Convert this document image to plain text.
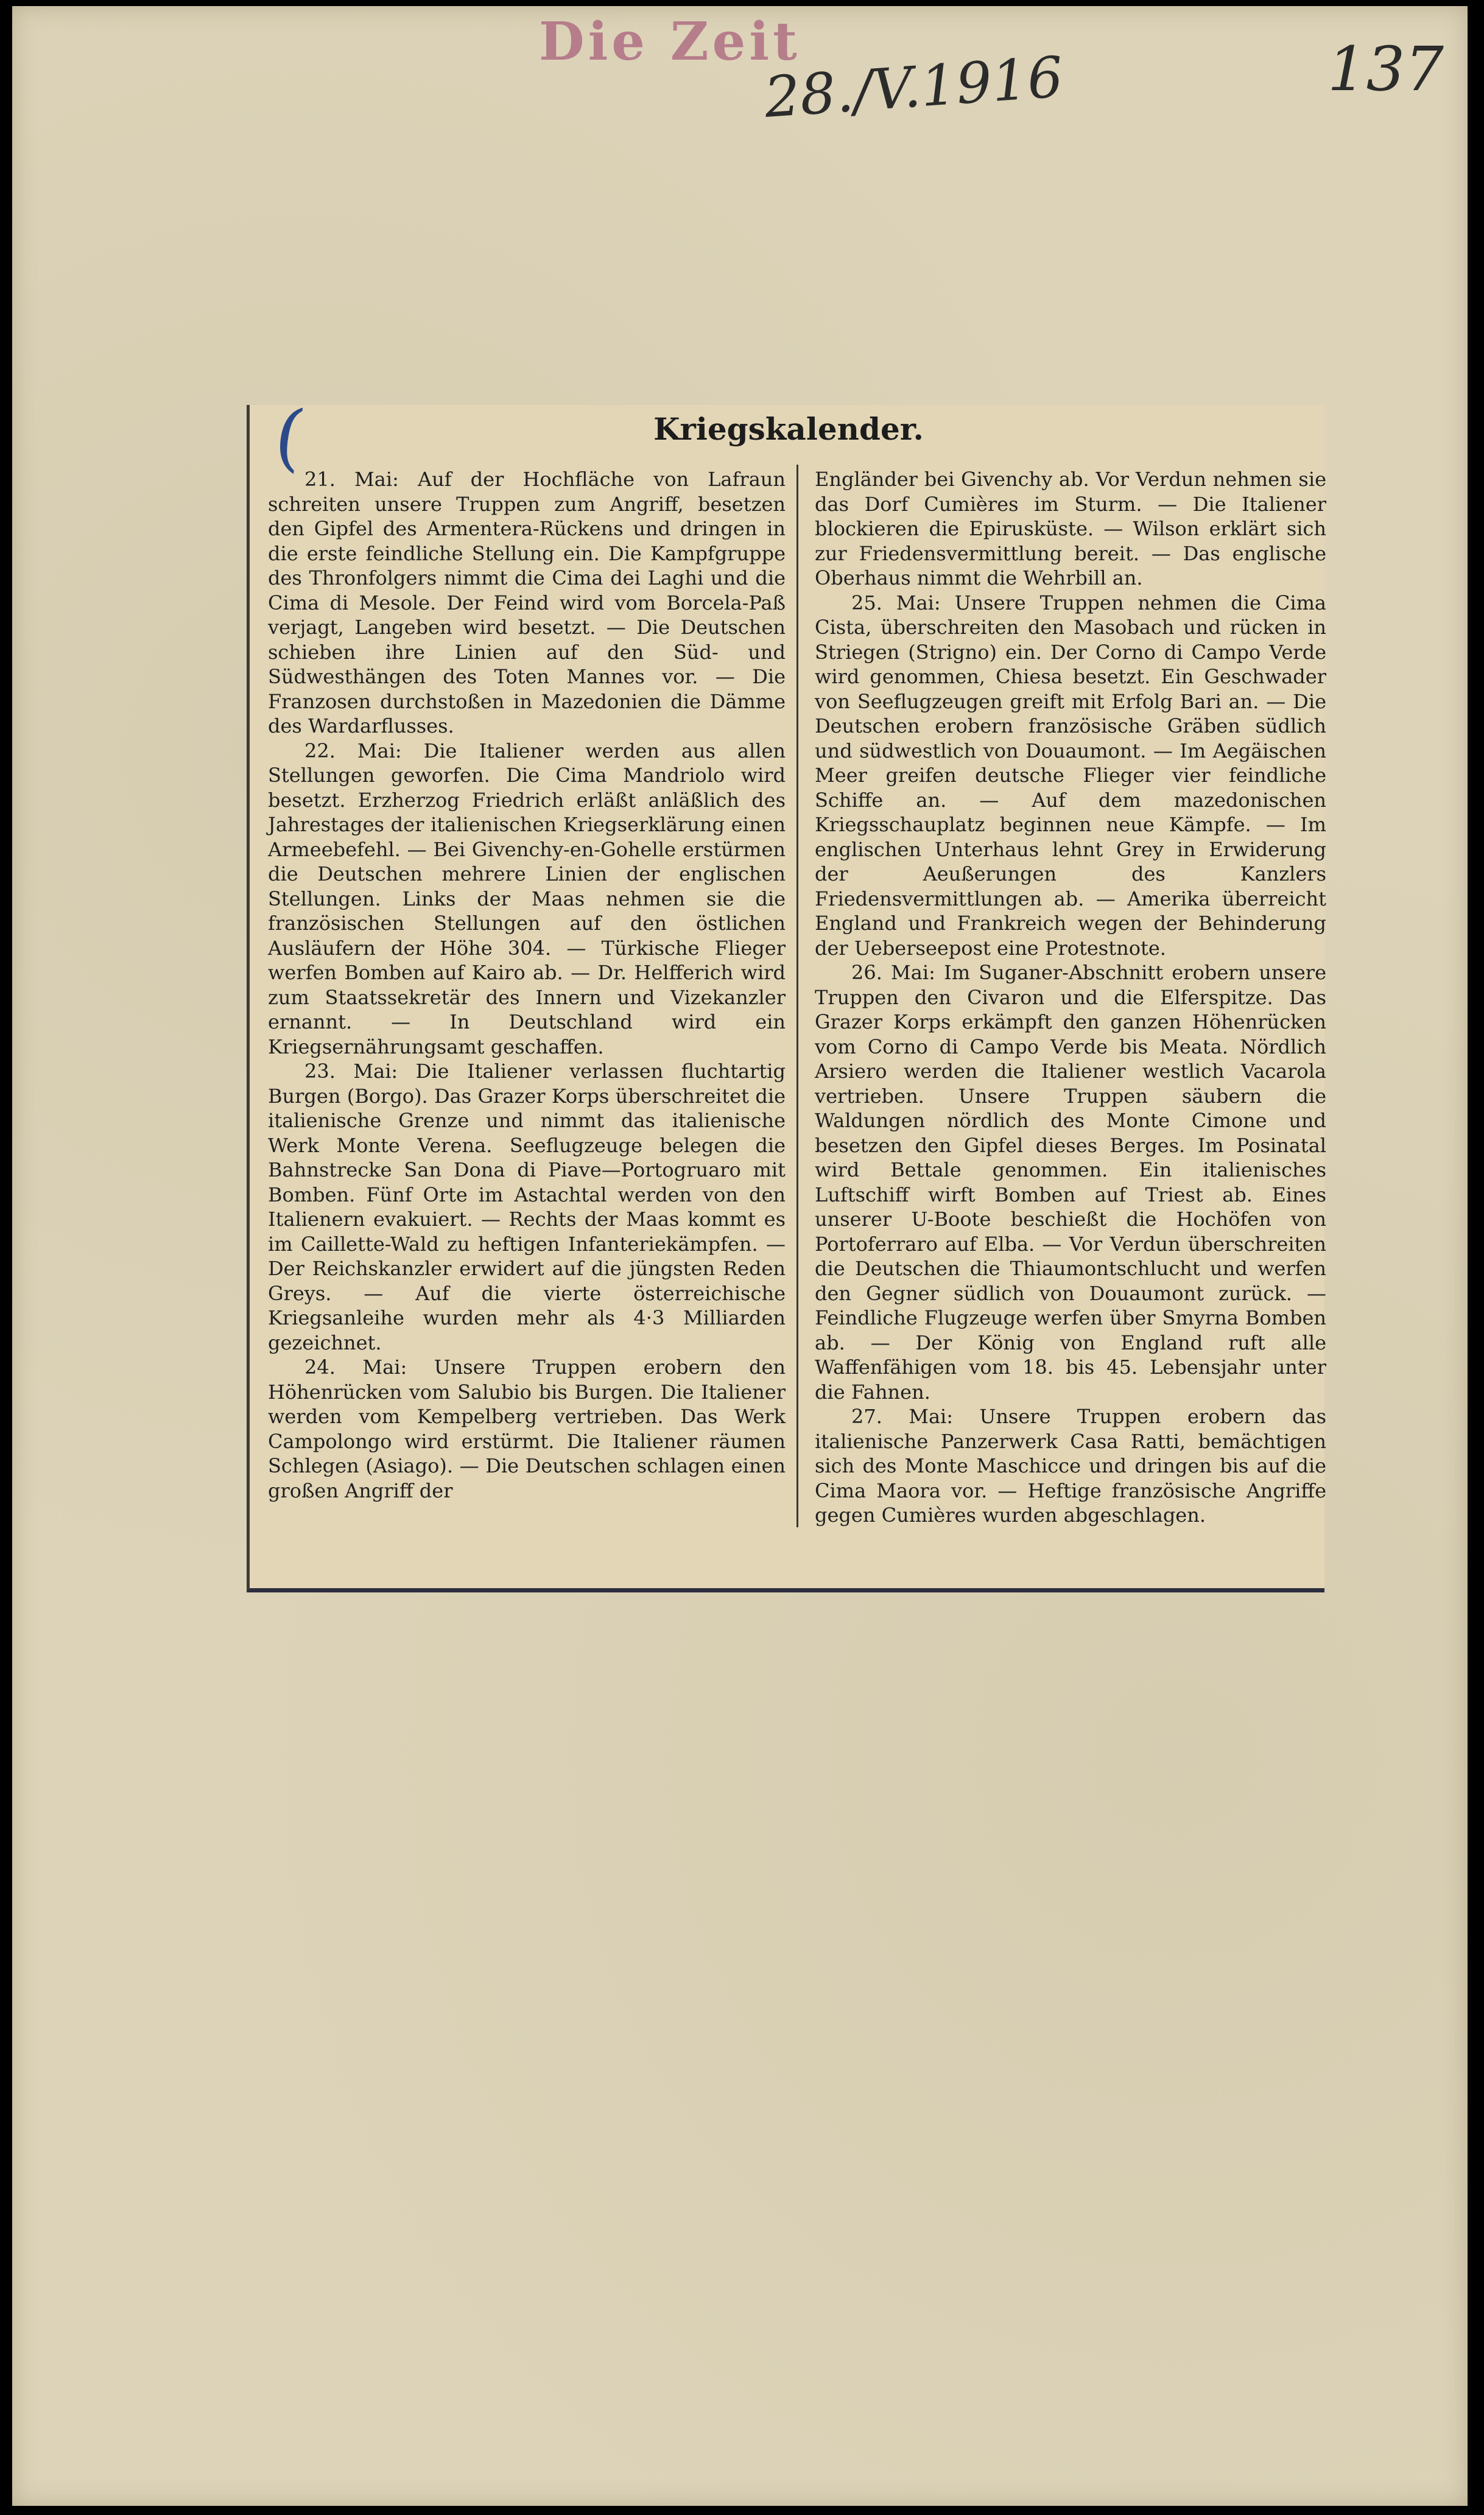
Die Zeit
28./V.1916	137
Kriegskalender.

21. Mai: Auf der Hochfläche von Lafraun schreiten unsere Truppen zum Angriff, besetzen den Gipfel des Armentera-Rückens und dringen in die erste feindliche Stellung ein. Die Kampfgruppe des Thronfolgers nimmt die Cima dei Laghi und die Cima di Mesole. Der Feind wird vom Borcela-Paß verjagt, Langeben wird besetzt. — Die Deutschen schieben ihre Linien auf den Süd- und Südwesthängen des Toten Mannes vor. — Die Franzosen durchstoßen in Mazedonien die Dämme des Wardarflusses.

22. Mai: Die Italiener werden aus allen Stellungen geworfen. Die Cima Mandriolo wird besetzt. Erzherzog Friedrich erläßt anläßlich des Jahrestages der italienischen Kriegserklärung einen Armeebefehl. — Bei Givenchy-en-Gohelle erstürmen die Deutschen mehrere Linien der englischen Stellungen. Links der Maas nehmen sie die französischen Stellungen auf den östlichen Ausläufern der Höhe 304. — Türkische Flieger werfen Bomben auf Kairo ab. — Dr. Helfferich wird zum Staatssekretär des Innern und Vizekanzler ernannt. — In Deutschland wird ein Kriegsernährungsamt geschaffen.

23. Mai: Die Italiener verlassen fluchtartig Burgen (Borgo). Das Grazer Korps überschreitet die italienische Grenze und nimmt das italienische Werk Monte Verena. Seeflugzeuge belegen die Bahnstrecke San Dona di Piave—Portogruaro mit Bomben. Fünf Orte im Astachtal werden von den Italienern evakuiert. — Rechts der Maas kommt es im Caillette-Wald zu heftigen Infanteriekämpfen. — Der Reichskanzler erwidert auf die jüngsten Reden Greys. — Auf die vierte österreichische Kriegsanleihe wurden mehr als 4·3 Milliarden gezeichnet.

24. Mai: Unsere Truppen erobern den Höhenrücken vom Salubio bis Burgen. Die Italiener werden vom Kempelberg vertrieben. Das Werk Campolongo wird erstürmt. Die Italiener räumen Schlegen (Asiago). — Die Deutschen schlagen einen großen Angriff der

Engländer bei Givenchy ab. Vor Verdun nehmen sie das Dorf Cumières im Sturm. — Die Italiener blockieren die Epirusküste. — Wilson erklärt sich zur Friedensvermittlung bereit. — Das englische Oberhaus nimmt die Wehrbill an.

25. Mai: Unsere Truppen nehmen die Cima Cista, überschreiten den Masobach und rücken in Striegen (Strigno) ein. Der Corno di Campo Verde wird genommen, Chiesa besetzt. Ein Geschwader von Seeflugzeugen greift mit Erfolg Bari an. — Die Deutschen erobern französische Gräben südlich und südwestlich von Douaumont. — Im Aegäischen Meer greifen deutsche Flieger vier feindliche Schiffe an. — Auf dem mazedonischen Kriegsschauplatz beginnen neue Kämpfe. — Im englischen Unterhaus lehnt Grey in Erwiderung der Aeußerungen des Kanzlers Friedensvermittlungen ab. — Amerika überreicht England und Frankreich wegen der Behinderung der Ueberseepost eine Protestnote.

26. Mai: Im Suganer-Abschnitt erobern unsere Truppen den Civaron und die Elferspitze. Das Grazer Korps erkämpft den ganzen Höhenrücken vom Corno di Campo Verde bis Meata. Nördlich Arsiero werden die Italiener westlich Vacarola vertrieben. Unsere Truppen säubern die Waldungen nördlich des Monte Cimone und besetzen den Gipfel dieses Berges. Im Posinatal wird Bettale genommen. Ein italienisches Luftschiff wirft Bomben auf Triest ab. Eines unserer U-Boote beschießt die Hochöfen von Portoferraro auf Elba. — Vor Verdun überschreiten die Deutschen die Thiaumontschlucht und werfen den Gegner südlich von Douaumont zurück. — Feindliche Flugzeuge werfen über Smyrna Bomben ab. — Der König von England ruft alle Waffenfähigen vom 18. bis 45. Lebensjahr unter die Fahnen.

27. Mai: Unsere Truppen erobern das italienische Panzerwerk Casa Ratti, bemächtigen sich des Monte Maschicce und dringen bis auf die Cima Maora vor. — Heftige französische Angriffe gegen Cumières wurden abgeschlagen.

(
